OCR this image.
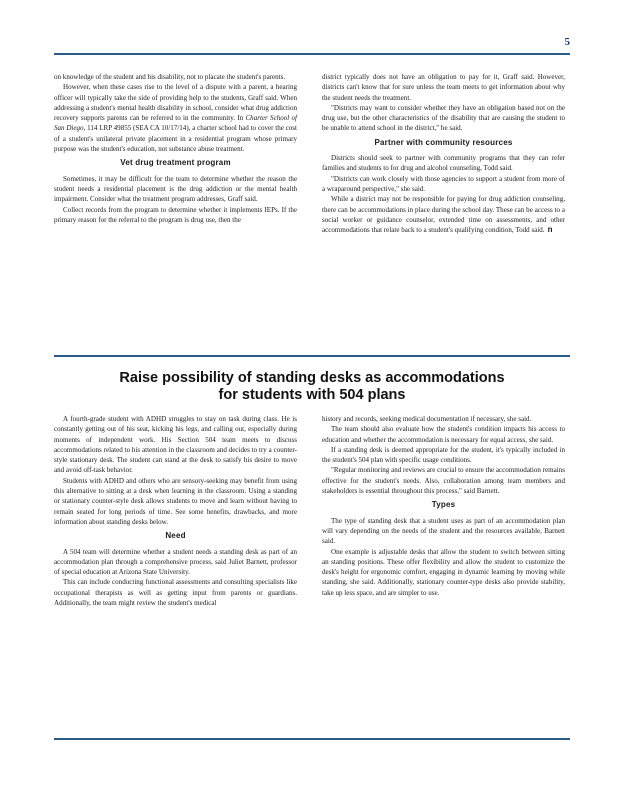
5

on knowledge of the student and his disability, not to placate the student's parents.

However, when these cases rise to the level of a dispute with a parent, a hearing officer will typically take the side of providing help to the students, Graff said. When addressing a student's mental health disability in school, consider what drug addiction recovery supports parents can be referred to in the community. In Charter School of San Diego, 114 LRP 49855 (SEA CA 10/17/14), a charter school had to cover the cost of a student's unilateral private placement in a residential program whose primary purpose was the student's education, not substance abuse treatment.

Vet drug treatment program

Sometimes, it may be difficult for the team to determine whether the reason the student needs a residential placement is the drug addiction or the mental health impairment. Consider what the treatment program addresses, Graff said.

Collect records from the program to determine whether it implements IEPs. If the primary reason for the referral to the program is drug use, then the

district typically does not have an obligation to pay for it, Graff said. However, districts can't know that for sure unless the team meets to get information about why the student needs the treatment.

"Districts may want to consider whether they have an obligation based not on the drug use, but the other characteristics of the disability that are causing the student to be unable to attend school in the district," he said.

Partner with community resources

Districts should seek to partner with community programs that they can refer families and students to for drug and alcohol counseling, Todd said.

"Districts can work closely with those agencies to support a student from more of a wraparound perspective," she said.

While a district may not be responsible for paying for drug addiction counseling, there can be accommodations in place during the school day. These can be access to a social worker or guidance counselor, extended time on assessments, and other accommodations that relate back to a student's qualifying condition, Todd said. n

Raise possibility of standing desks as accommodations
for students with 504 plans

A fourth-grade student with ADHD struggles to stay on task during class. He is constantly getting out of his seat, kicking his legs, and calling out, especially during moments of independent work. His Section 504 team meets to discuss accommodations related to his attention in the classroom and decides to try a counter-style stationary desk. The student can stand at the desk to satisfy his desire to move and avoid off-task behavior.

Students with ADHD and others who are sensory-seeking may benefit from using this alternative to sitting at a desk when learning in the classroom. Using a standing or stationary counter-style desk allows students to move and learn without having to remain seated for long periods of time. See some benefits, drawbacks, and more information about standing desks below.

Need

A 504 team will determine whether a student needs a standing desk as part of an accommodation plan through a comprehensive process, said Juliet Barnett, professor of special education at Arizona State University.

This can include conducting functional assessments and consulting specialists like occupational therapists as well as getting input from parents or guardians. Additionally, the team might review the student's medical

history and records, seeking medical documentation if necessary, she said.

The team should also evaluate how the student's condition impacts his access to education and whether the accommodation is necessary for equal access, she said.

If a standing desk is deemed appropriate for the student, it's typically included in the student's 504 plan with specific usage conditions.

"Regular monitoring and reviews are crucial to ensure the accommodation remains effective for the student's needs. Also, collaboration among team members and stakeholders is essential throughout this process," said Barnett.

Types

The type of standing desk that a student uses as part of an accommodation plan will vary depending on the needs of the student and the resources available, Barnett said.

One example is adjustable desks that allow the student to switch between sitting an standing positions. These offer flexibility and allow the student to customize the desk's height for ergonomic comfort, engaging in dynamic learning by moving while standing, she said. Additionally, stationary counter-type desks also provide stability, take up less space, and are simpler to use.
